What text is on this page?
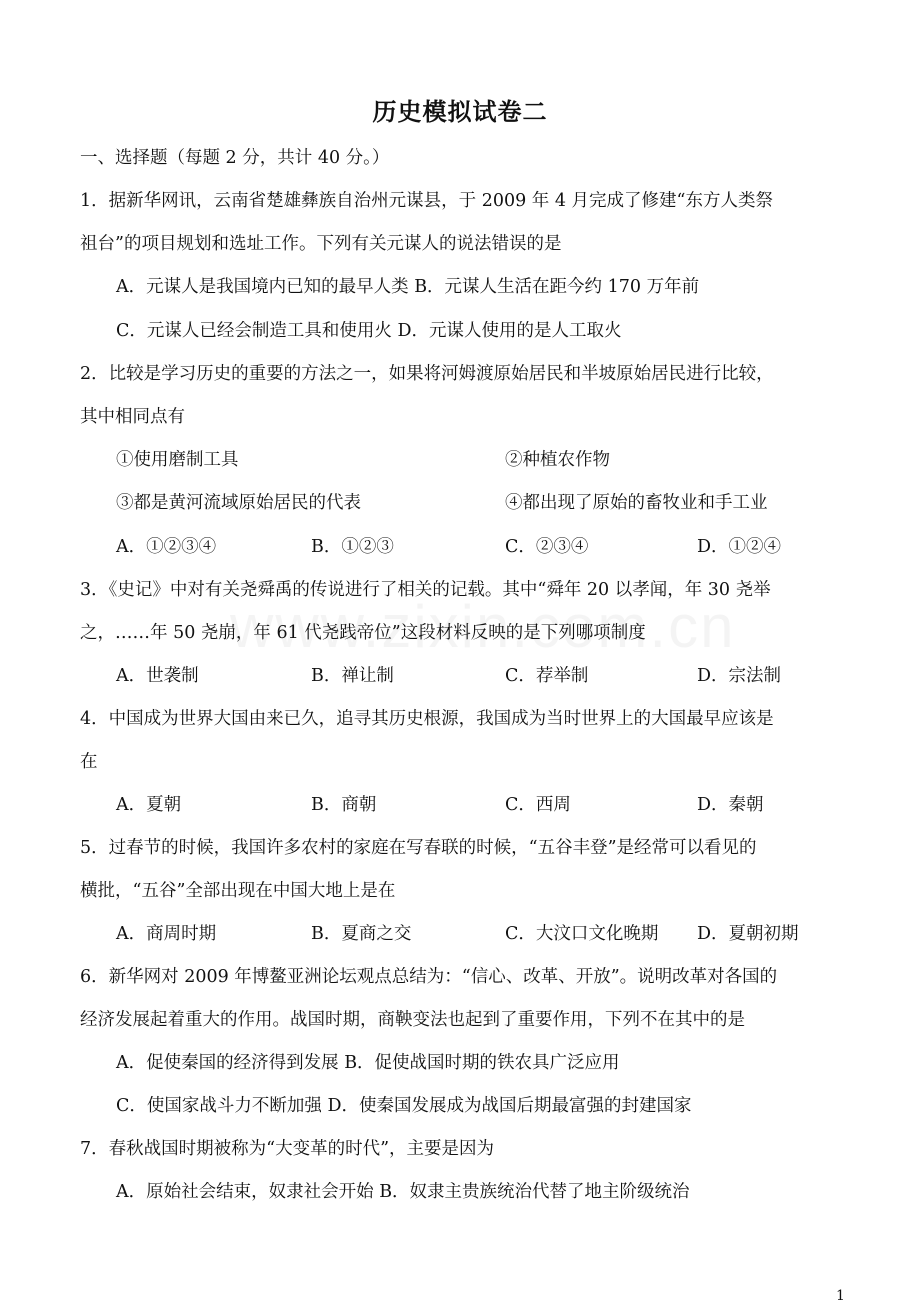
历史模拟试卷二
一、选择题（每题 2 分，共计 40 分。）
1．据新华网讯，云南省楚雄彝族自治州元谋县，于 2009 年 4 月完成了修建“东方人类祭
祖台”的项目规划和选址工作。下列有关元谋人的说法错误的是
A．元谋人是我国境内已知的最早人类 B．元谋人生活在距今约 170 万年前
C．元谋人已经会制造工具和使用火 D．元谋人使用的是人工取火
2．比较是学习历史的重要的方法之一，如果将河姆渡原始居民和半坡原始居民进行比较，
其中相同点有
①使用磨制工具	②种植农作物
③都是黄河流域原始居民的代表	④都出现了原始的畜牧业和手工业
A．①②③④	B．①②③	C．②③④	D．①②④
3．《史记》中对有关尧舜禹的传说进行了相关的记载。其中“舜年 20 以孝闻，年 30 尧举
之，……年 50 尧崩，年 61 代尧践帝位”这段材料反映的是下列哪项制度
A．世袭制	B．禅让制	C．荐举制	D．宗法制
4．中国成为世界大国由来已久，追寻其历史根源，我国成为当时世界上的大国最早应该是
在
A．夏朝	B．商朝	C．西周	D．秦朝
5．过春节的时候，我国许多农村的家庭在写春联的时候，“五谷丰登”是经常可以看见的
横批，“五谷”全部出现在中国大地上是在
A．商周时期	B．夏商之交	C．大汶口文化晚期 D．夏朝初期
6．新华网对 2009 年博鳌亚洲论坛观点总结为：“信心、改革、开放”。说明改革对各国的
经济发展起着重大的作用。战国时期，商鞅变法也起到了重要作用，下列不在其中的是
A．促使秦国的经济得到发展 B．促使战国时期的铁农具广泛应用
C．使国家战斗力不断加强 D．使秦国发展成为战国后期最富强的封建国家
7．春秋战国时期被称为“大变革的时代”，主要是因为
A．原始社会结束，奴隶社会开始 B．奴隶主贵族统治代替了地主阶级统治
1
